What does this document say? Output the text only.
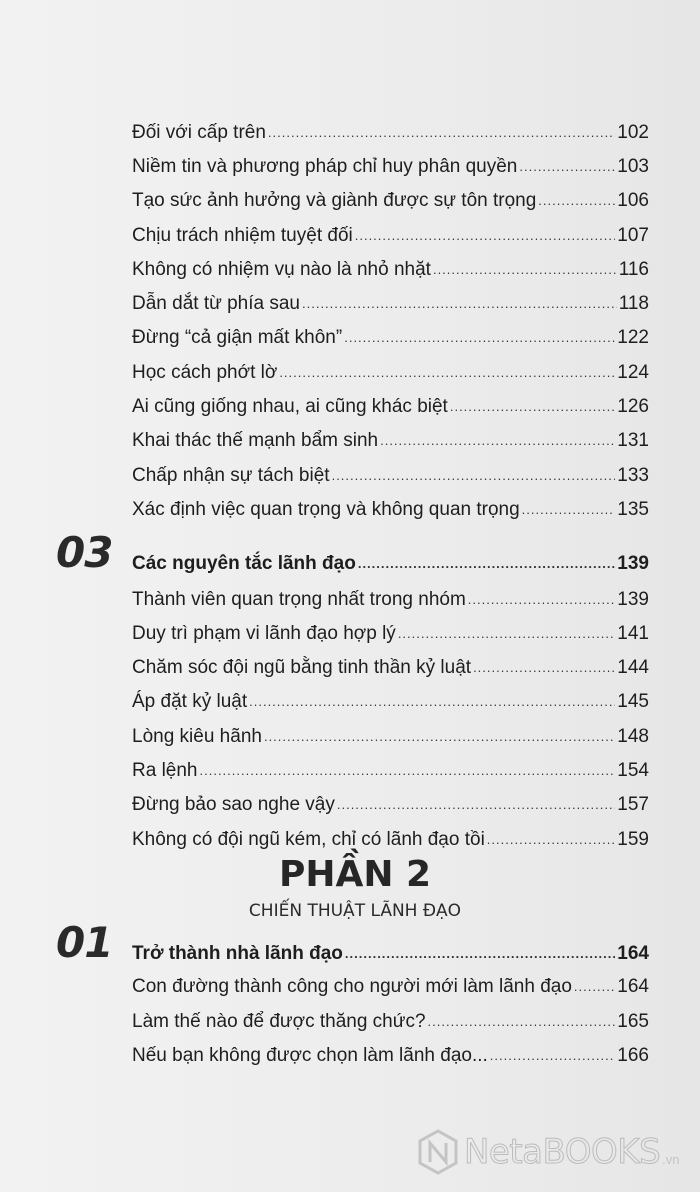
Đối với cấp trên .....	102
Niềm tin và phương pháp chỉ huy phân quyền .....	103
Tạo sức ảnh hưởng và giành được sự tôn trọng .....	106
Chịu trách nhiệm tuyệt đối .....	107
Không có nhiệm vụ nào là nhỏ nhặt .....	116
Dẫn dắt từ phía sau .....	118
Đừng “cả giận mất khôn” .....	122
Học cách phớt lờ .....	124
Ai cũng giống nhau, ai cũng khác biệt .....	126
Khai thác thế mạnh bẩm sinh .....	131
Chấp nhận sự tách biệt .....	133
Xác định việc quan trọng và không quan trọng .....	135
03 Các nguyên tắc lãnh đạo .....	139
Thành viên quan trọng nhất trong nhóm .....	139
Duy trì phạm vi lãnh đạo hợp lý .....	141
Chăm sóc đội ngũ bằng tinh thần kỷ luật .....	144
Áp đặt kỷ luật .....	145
Lòng kiêu hãnh .....	148
Ra lệnh .....	154
Đừng bảo sao nghe vậy .....	157
Không có đội ngũ kém, chỉ có lãnh đạo tồi .....	159
PHẦN 2
CHIẾN THUẬT LÃNH ĐẠO
01 Trở thành nhà lãnh đạo .....	164
Con đường thành công cho người mới làm lãnh đạo ..... 164
Làm thế nào để được thăng chức? .....	165
Nếu bạn không được chọn làm lãnh đạo... .....	166
NetaBOOKS .vn
